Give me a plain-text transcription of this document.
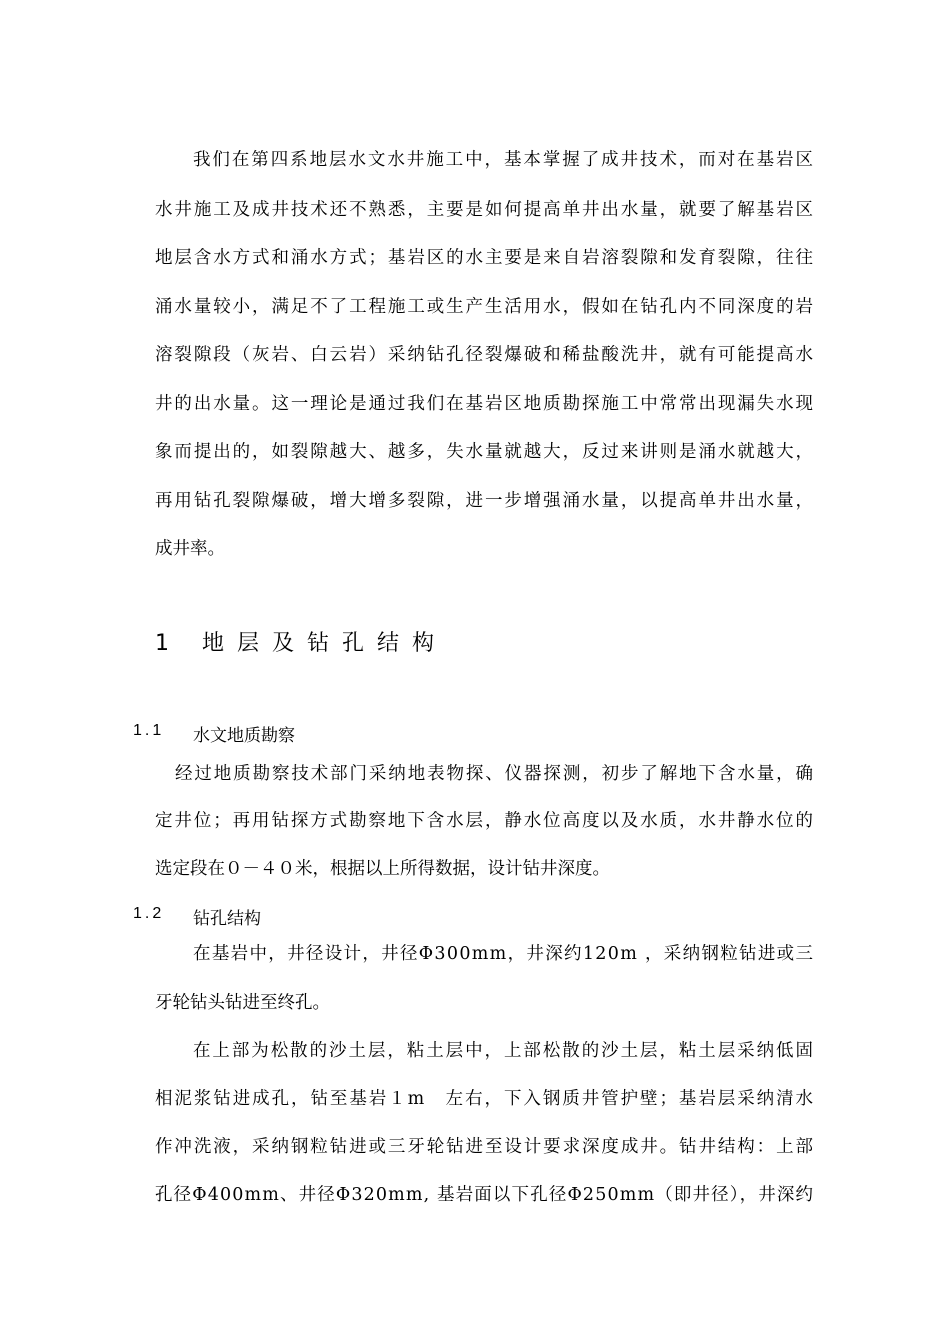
我们在第四系地层水文水井施工中，基本掌握了成井技术，而对在基岩区
水井施工及成井技术还不熟悉，主要是如何提高单井出水量，就要了解基岩区
地层含水方式和涌水方式；基岩区的水主要是来自岩溶裂隙和发育裂隙，往往
涌水量较小，满足不了工程施工或生产生活用水，假如在钻孔内不同深度的岩
溶裂隙段（灰岩、白云岩）采纳钻孔径裂爆破和稀盐酸洗井，就有可能提高水
井的出水量。这一理论是通过我们在基岩区地质勘探施工中常常出现漏失水现
象而提出的，如裂隙越大、越多，失水量就越大，反过来讲则是涌水就越大，
再用钻孔裂隙爆破，增大增多裂隙，进一步增强涌水量，以提高单井出水量，
成井率。
1 地层及钻孔结构
1.1 水文地质勘察
经过地质勘察技术部门采纳地表物探、仪器探测，初步了解地下含水量，确
定井位；再用钻探方式勘察地下含水层，静水位高度以及水质，水井静水位的
选定段在０－４０米，根据以上所得数据，设计钻井深度。
1.2 钻孔结构
在基岩中，井径设计，井径Φ300mm，井深约120m ，采纳钢粒钻进或三
牙轮钻头钻进至终孔。
在上部为松散的沙土层，粘土层中，上部松散的沙土层，粘土层采纳低固
相泥浆钻进成孔，钻至基岩１m　左右，下入钢质井管护壁；基岩层采纳清水
作冲洗液，采纳钢粒钻进或三牙轮钻进至设计要求深度成井。钻井结构：上部
孔径Φ400mm、井径Φ320mm, 基岩面以下孔径Φ250mm（即井径），井深约
